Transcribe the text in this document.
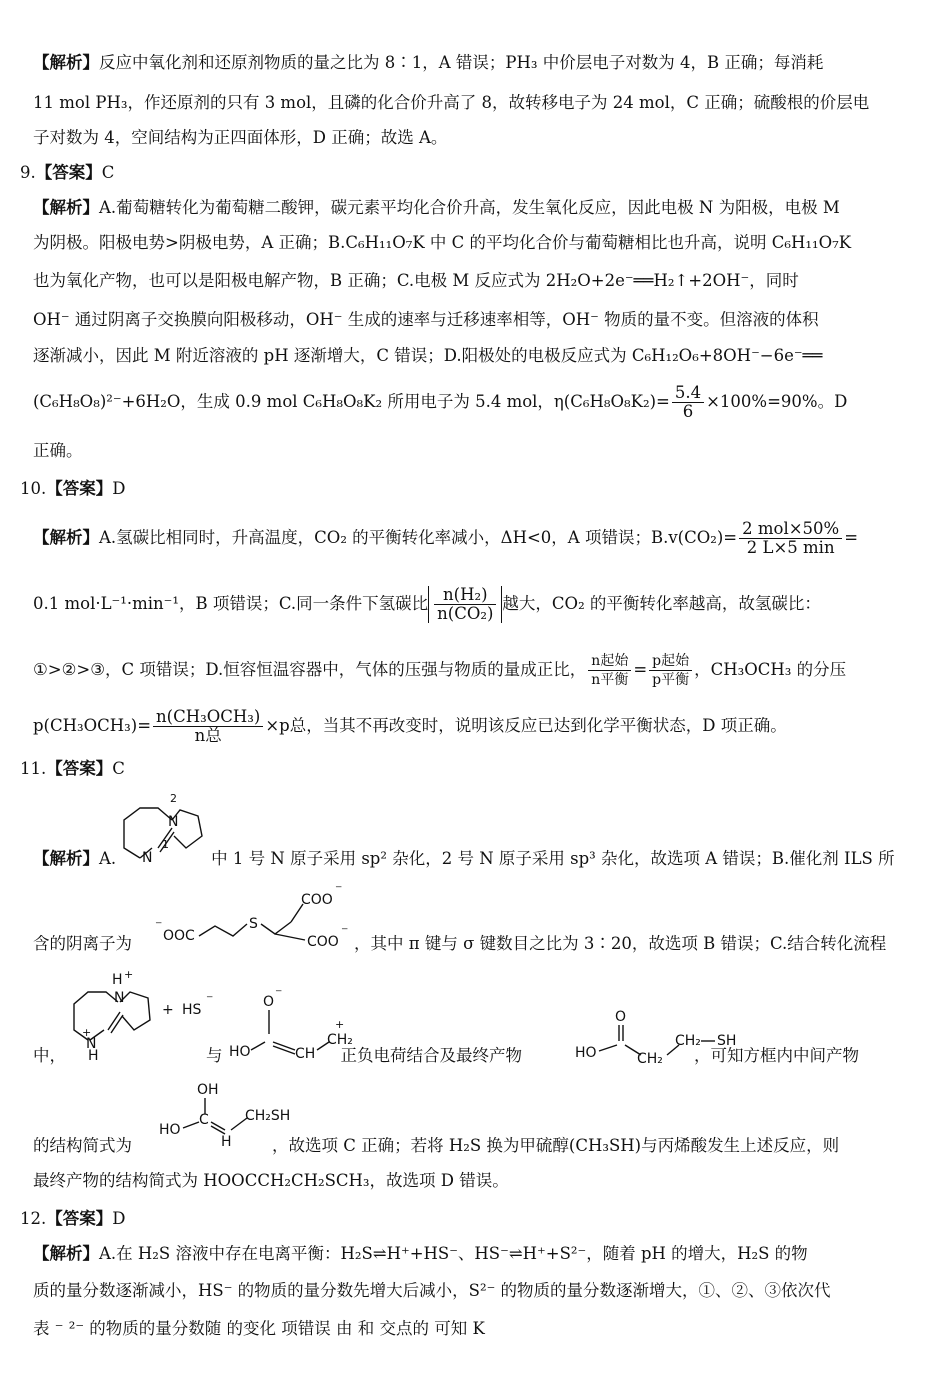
【解析】反应中氧化剂和还原剂物质的量之比为 8∶1，A 错误；PH₃ 中价层电子对数为 4，B 正确；每消耗
11 mol PH₃，作还原剂的只有 3 mol，且磷的化合价升高了 8，故转移电子为 24 mol，C 正确；硫酸根的价层电
子对数为 4，空间结构为正四面体形，D 正确；故选 A。
9.【答案】C
【解析】A.葡萄糖转化为葡萄糖二酸钾，碳元素平均化合价升高，发生氧化反应，因此电极 N 为阳极，电极 M
为阴极。阳极电势>阴极电势，A 正确；B.C₆H₁₁O₇K 中 C 的平均化合价与葡萄糖相比也升高，说明 C₆H₁₁O₇K
也为氧化产物，也可以是阳极电解产物，B 正确；C.电极 M 反应式为 2H₂O+2e⁻══H₂↑+2OH⁻，同时
OH⁻ 通过阴离子交换膜向阳极移动，OH⁻ 生成的速率与迁移速率相等，OH⁻ 物质的量不变。但溶液的体积
逐渐减小，因此 M 附近溶液的 pH 逐渐增大，C 错误；D.阳极处的电极反应式为 C₆H₁₂O₆+8OH⁻−6e⁻══
(C₆H₈O₈)²⁻+6H₂O，生成 0.9 mol C₆H₈O₈K₂ 所用电子为 5.4 mol，$\eta(C_6H_8O_8K_2)= \frac{5.4}{6} \times 100\%=90\%$。D
正确。
10.【答案】D
【解析】A.氢碳比相同时，升高温度，CO₂ 的平衡转化率减小，ΔH<0，A 项错误；$B.v(CO_2)= \frac{\text{2 mol×50\%}}{2 L\times 5 \min}$ =
0.1 mol·L⁻¹·min⁻¹，B 项错误；C.同一条件下氢碳比 $\frac{\text{n(H₂)}}{\text{n(CO₂)}}$ 越大，CO₂ 的平衡转化率越高，故氢碳比：
①>②>③，C 项错误；D.恒容恒温容器中，气体的压强与物质的量成正比， $\frac{\text{n起始}}{\text{n平衡}} = \frac{\text{p起始}}{\text{p平衡}}$ ，CH₃OCH₃ 的分压
$p(CH_3OCH_3)= \frac{\text{n(CH₃OCH₃)}}{\text{n总}} \times p$总，当其不再改变时，说明该反应已达到化学平衡状态，D 项正确。
11.【答案】C
N
1
N
2
【解析】A.	中 1 号 N 原子采用 sp² 杂化，2 号 N 原子采用 sp³ 杂化，故选项 A 错误；B.催化剂 ILS 所
OOC
⁻	S
COO
⁻
COO
⁻
含的阴离子为	，其中 π 键与 σ 键数目之比为 3∶20，故选项 B 错误；C.结合转化流程
H +
N
N
+
H
+ HS
⁻	O ⁻
HO	CH
CH₂
+	O
HO	CH₂
CH₂ SH
中，	与	正负电荷结合及最终产物	，可知方框内中间产物
OH
HO
C
H
CH₂SH
的结构简式为	，故选项 C 正确；若将 H₂S 换为甲硫醇(CH₃SH)与丙烯酸发生上述反应，则
最终产物的结构简式为 HOOCCH₂CH₂SCH₃，故选项 D 错误。
12.【答案】D
【解析】A.在 H₂S 溶液中存在电离平衡：H₂S⇌H⁺+HS⁻、HS⁻⇌H⁺+S²⁻，随着 pH 的增大，H₂S 的物
质的量分数逐渐减小，HS⁻ 的物质的量分数先增大后减小，S²⁻ 的物质的量分数逐渐增大，①、②、③依次代
表 ⁻ ²⁻ 的物质的量分数随 的变化 项错误 由 和 交点的 可知 K
